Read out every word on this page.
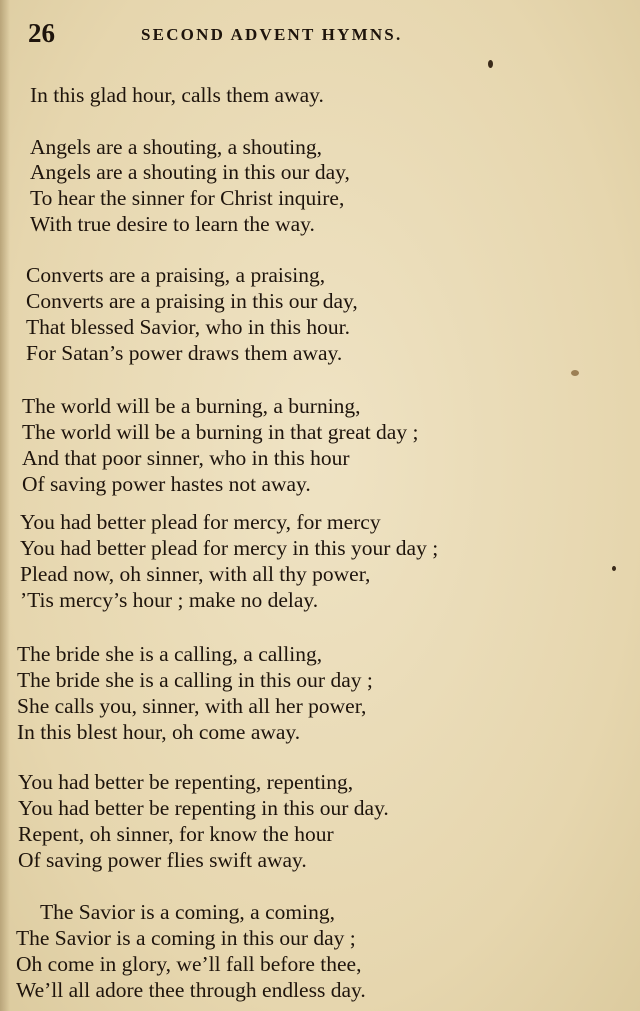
26	SECOND ADVENT HYMNS.
In this glad hour, calls them away.
Angels are a shouting, a shouting,
Angels are a shouting in this our day,
To hear the sinner for Christ inquire,
With true desire to learn the way.
Converts are a praising, a praising,
Converts are a praising in this our day,
That blessed Savior, who in this hour.
For Satan’s power draws them away.
The world will be a burning, a burning,
The world will be a burning in that great day ;
And that poor sinner, who in this hour
Of saving power hastes not away.
You had better plead for mercy, for mercy
You had better plead for mercy in this your day ;
Plead now, oh sinner, with all thy power,
’Tis mercy’s hour ; make no delay.
The bride she is a calling, a calling,
The bride she is a calling in this our day ;
She calls you, sinner, with all her power,
In this blest hour, oh come away.
You had better be repenting, repenting,
You had better be repenting in this our day.
Repent, oh sinner, for know the hour
Of saving power flies swift away.
The Savior is a coming, a coming,
The Savior is a coming in this our day ;
Oh come in glory, we’ll fall before thee,
We’ll all adore thee through endless day.
